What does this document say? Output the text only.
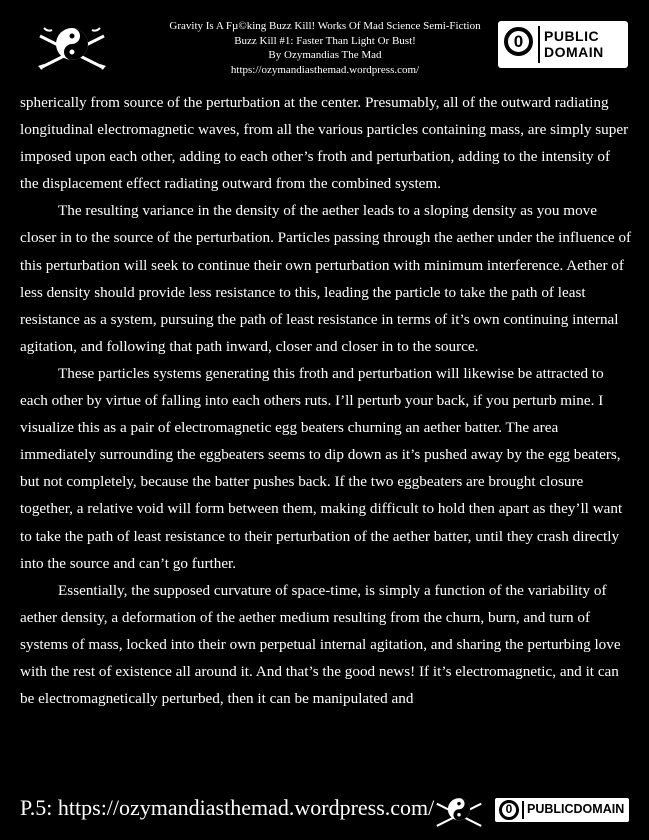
Gravity Is A Fµ©king Buzz Kill! Works Of Mad Science Semi-Fiction
Buzz Kill #1: Faster Than Light Or Bust!
By Ozymandias The Mad
https://ozymandiasthemad.wordpress.com/
0	PUBLIC
DOMAIN

spherically from source of the perturbation at the center. Presumably, all of the outward radiating longitudinal electromagnetic waves, from all the various particles containing mass, are simply super imposed upon each other, adding to each other’s froth and perturbation, adding to the intensity of the displacement effect radiating outward from the combined system.

The resulting variance in the density of the aether leads to a sloping density as you move closer in to the source of the perturbation. Particles passing through the aether under the influence of this perturbation will seek to continue their own perturbation with minimum interference. Aether of less density should provide less resistance to this, leading the particle to take the path of least resistance as a system, pursuing the path of least resistance in terms of it’s own continuing internal agitation, and following that path inward, closer and closer in to the source.

These particles systems generating this froth and perturbation will likewise be attracted to each other by virtue of falling into each others ruts. I’ll perturb your back, if you perturb mine. I visualize this as a pair of electromagnetic egg beaters churning an aether batter. The area immediately surrounding the eggbeaters seems to dip down as it’s pushed away by the egg beaters, but not completely, because the batter pushes back. If the two eggbeaters are brought closure together, a relative void will form between them, making difficult to hold then apart as they’ll want to take the path of least resistance to their perturbation of the aether batter, until they crash directly into the source and can’t go further.

Essentially, the supposed curvature of space-time, is simply a function of the variability of aether density, a deformation of the aether medium resulting from the churn, burn, and turn of systems of mass, locked into their own perpetual internal agitation, and sharing the perturbing love with the rest of existence all around it. And that’s the good news! If it’s electromagnetic, and it can be electromagnetically perturbed, then it can be manipulated and

P.5: https://ozymandiasthemad.wordpress.com/	0 PUBLICDOMAIN
